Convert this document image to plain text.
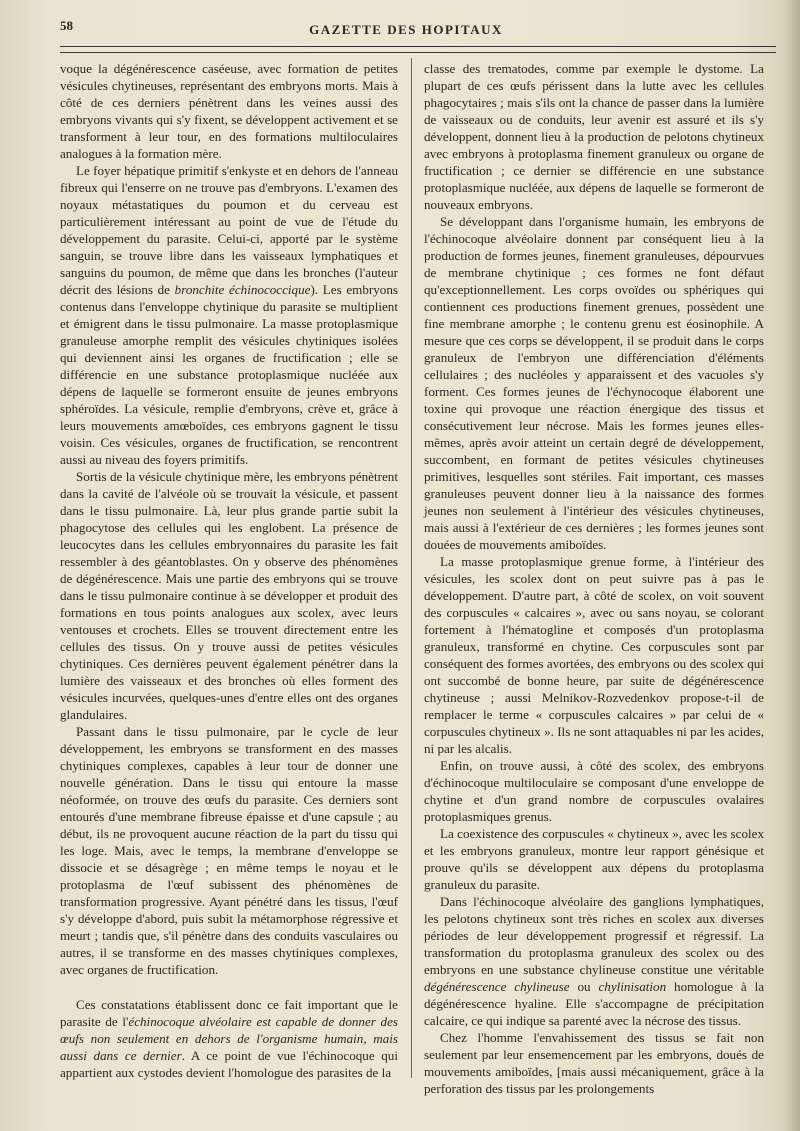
58	GAZETTE DES HOPITAUX

voque la dégénérescence caséeuse, avec formation de petites vésicules chytineuses, représentant des embryons morts. Mais à côté de ces derniers pénètrent dans les veines aussi des embryons vivants qui s'y fixent, se développent activement et se transforment à leur tour, en des formations multiloculaires analogues à la formation mère.

Le foyer hépatique primitif s'enkyste et en dehors de l'anneau fibreux qui l'enserre on ne trouve pas d'embryons. L'examen des noyaux métastatiques du poumon et du cerveau est particulièrement intéressant au point de vue de l'étude du développement du parasite. Celui-ci, apporté par le système sanguin, se trouve libre dans les vaisseaux lymphatiques et sanguins du poumon, de même que dans les bronches (l'auteur décrit des lésions de bronchite échinococcique). Les embryons contenus dans l'enveloppe chytinique du parasite se multiplient et émigrent dans le tissu pulmonaire. La masse protoplasmique granuleuse amorphe remplit des vésicules chytiniques isolées qui deviennent ainsi les organes de fructification ; elle se différencie en une substance protoplasmique nucléée aux dépens de laquelle se formeront ensuite de jeunes embryons sphéroïdes. La vésicule, remplie d'embryons, crève et, grâce à leurs mouvements amœboïdes, ces embryons gagnent le tissu voisin. Ces vésicules, organes de fructification, se rencontrent aussi au niveau des foyers primitifs.

Sortis de la vésicule chytinique mère, les embryons pénètrent dans la cavité de l'alvéole où se trouvait la vésicule, et passent dans le tissu pulmonaire. Là, leur plus grande partie subit la phagocytose des cellules qui les englobent. La présence de leucocytes dans les cellules embryonnaires du parasite les fait ressembler à des géantoblastes. On y observe des phénomènes de dégénérescence. Mais une partie des embryons qui se trouve dans le tissu pulmonaire continue à se développer et produit des formations en tous points analogues aux scolex, avec leurs ventouses et crochets. Elles se trouvent directement entre les cellules des tissus. On y trouve aussi de petites vésicules chytiniques. Ces dernières peuvent également pénétrer dans la lumière des vaisseaux et des bronches où elles forment des vésicules incurvées, quelques-unes d'entre elles ont des organes glandulaires.

Passant dans le tissu pulmonaire, par le cycle de leur développement, les embryons se transforment en des masses chytiniques complexes, capables à leur tour de donner une nouvelle génération. Dans le tissu qui entoure la masse néoformée, on trouve des œufs du parasite. Ces derniers sont entourés d'une membrane fibreuse épaisse et d'une capsule ; au début, ils ne provoquent aucune réaction de la part du tissu qui les loge. Mais, avec le temps, la membrane d'enveloppe se dissocie et se désagrège ; en même temps le noyau et le protoplasma de l'œuf subissent des phénomènes de transformation progressive. Ayant pénétré dans les tissus, l'œuf s'y développe d'abord, puis subit la métamorphose régressive et meurt ; tandis que, s'il pénètre dans des conduits vasculaires ou autres, il se transforme en des masses chytiniques complexes, avec organes de fructification.

Ces constatations établissent donc ce fait important que le parasite de l'échinocoque alvéolaire est capable de donner des œufs non seulement en dehors de l'organisme humain, mais aussi dans ce dernier. A ce point de vue l'échinocoque qui appartient aux cystodes devient l'homologue des parasites de la

classe des trematodes, comme par exemple le dystome. La plupart de ces œufs périssent dans la lutte avec les cellules phagocytaires ; mais s'ils ont la chance de passer dans la lumière de vaisseaux ou de conduits, leur avenir est assuré et ils s'y développent, donnent lieu à la production de pelotons chytineux avec embryons à protoplasma finement granuleux ou organe de fructification ; ce dernier se différencie en une substance protoplasmique nucléée, aux dépens de laquelle se formeront de nouveaux embryons.

Se développant dans l'organisme humain, les embryons de l'échinocoque alvéolaire donnent par conséquent lieu à la production de formes jeunes, finement granuleuses, dépourvues de membrane chytinique ; ces formes ne font défaut qu'exceptionnellement. Les corps ovoïdes ou sphériques qui contiennent ces productions finement grenues, possèdent une fine membrane amorphe ; le contenu grenu est éosinophile. A mesure que ces corps se développent, il se produit dans le corps granuleux de l'embryon une différenciation d'éléments cellulaires ; des nucléoles y apparaissent et des vacuoles s'y forment. Ces formes jeunes de l'échynocoque élaborent une toxine qui provoque une réaction énergique des tissus et consécutivement leur nécrose. Mais les formes jeunes elles-mêmes, après avoir atteint un certain degré de développement, succombent, en formant de petites vésicules chytineuses primitives, lesquelles sont stériles. Fait important, ces masses granuleuses peuvent donner lieu à la naissance des formes jeunes non seulement à l'intérieur des vésicules chytineuses, mais aussi à l'extérieur de ces dernières ; les formes jeunes sont douées de mouvements amiboïdes.

La masse protoplasmique grenue forme, à l'intérieur des vésicules, les scolex dont on peut suivre pas à pas le développement. D'autre part, à côté de scolex, on voit souvent des corpuscules « calcaires », avec ou sans noyau, se colorant fortement à l'hématogline et composés d'un protoplasma granuleux, transformé en chytine. Ces corpuscules sont par conséquent des formes avortées, des embryons ou des scolex qui ont succombé de bonne heure, par suite de dégénérescence chytineuse ; aussi Melnikov-Rozvedenkov propose-t-il de remplacer le terme « corpuscules calcaires » par celui de « corpuscules chytineux ». Ils ne sont attaquables ni par les acides, ni par les alcalis.

Enfin, on trouve aussi, à côté des scolex, des embryons d'échinocoque multiloculaire se composant d'une enveloppe de chytine et d'un grand nombre de corpuscules ovalaires protoplasmiques grenus.

La coexistence des corpuscules « chytineux », avec les scolex et les embryons granuleux, montre leur rapport génésique et prouve qu'ils se développent aux dépens du protoplasma granuleux du parasite.

Dans l'échinocoque alvéolaire des ganglions lymphatiques, les pelotons chytineux sont très riches en scolex aux diverses périodes de leur développement progressif et régressif. La transformation du protoplasma granuleux des scolex ou des embryons en une substance chylineuse constitue une véritable dégénérescence chylineuse ou chylinisation homologue à la dégénérescence hyaline. Elle s'accompagne de précipitation calcaire, ce qui indique sa parenté avec la nécrose des tissus.

Chez l'homme l'envahissement des tissus se fait non seulement par leur ensemencement par les embryons, doués de mouvements amiboïdes, [mais aussi mécaniquement, grâce à la perforation des tissus par les prolongements
